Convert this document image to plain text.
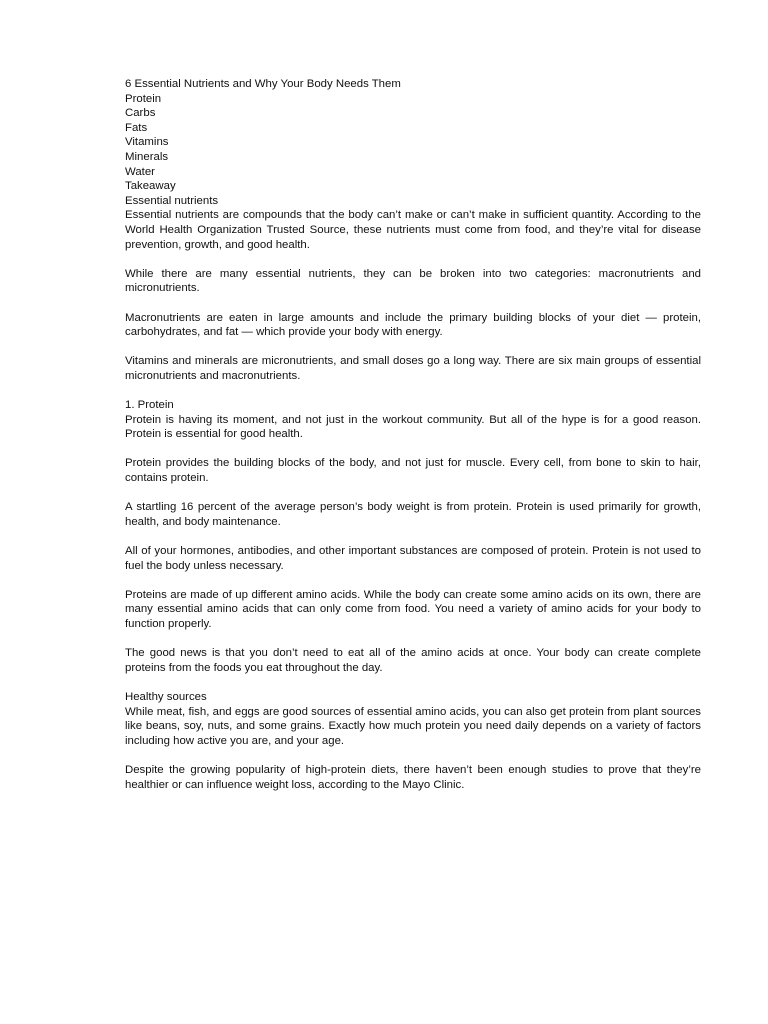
6 Essential Nutrients and Why Your Body Needs Them
Protein
Carbs
Fats
Vitamins
Minerals
Water
Takeaway
Essential nutrients

Essential nutrients are compounds that the body can’t make or can’t make in sufficient quantity. According to the World Health Organization Trusted Source, these nutrients must come from food, and they’re vital for disease prevention, growth, and good health.

While there are many essential nutrients, they can be broken into two categories: macronutrients and micronutrients.

Macronutrients are eaten in large amounts and include the primary building blocks of your diet — protein, carbohydrates, and fat — which provide your body with energy.

Vitamins and minerals are micronutrients, and small doses go a long way. There are six main groups of essential micronutrients and macronutrients.

1. Protein

Protein is having its moment, and not just in the workout community. But all of the hype is for a good reason. Protein is essential for good health.

Protein provides the building blocks of the body, and not just for muscle. Every cell, from bone to skin to hair, contains protein.

A startling 16 percent of the average person’s body weight is from protein. Protein is used primarily for growth, health, and body maintenance.

All of your hormones, antibodies, and other important substances are composed of protein. Protein is not used to fuel the body unless necessary.

Proteins are made of up different amino acids. While the body can create some amino acids on its own, there are many essential amino acids that can only come from food. You need a variety of amino acids for your body to function properly.

The good news is that you don’t need to eat all of the amino acids at once. Your body can create complete proteins from the foods you eat throughout the day.

Healthy sources

While meat, fish, and eggs are good sources of essential amino acids, you can also get protein from plant sources like beans, soy, nuts, and some grains. Exactly how much protein you need daily depends on a variety of factors including how active you are, and your age.

Despite the growing popularity of high-protein diets, there haven’t been enough studies to prove that they’re healthier or can influence weight loss, according to the Mayo Clinic.
